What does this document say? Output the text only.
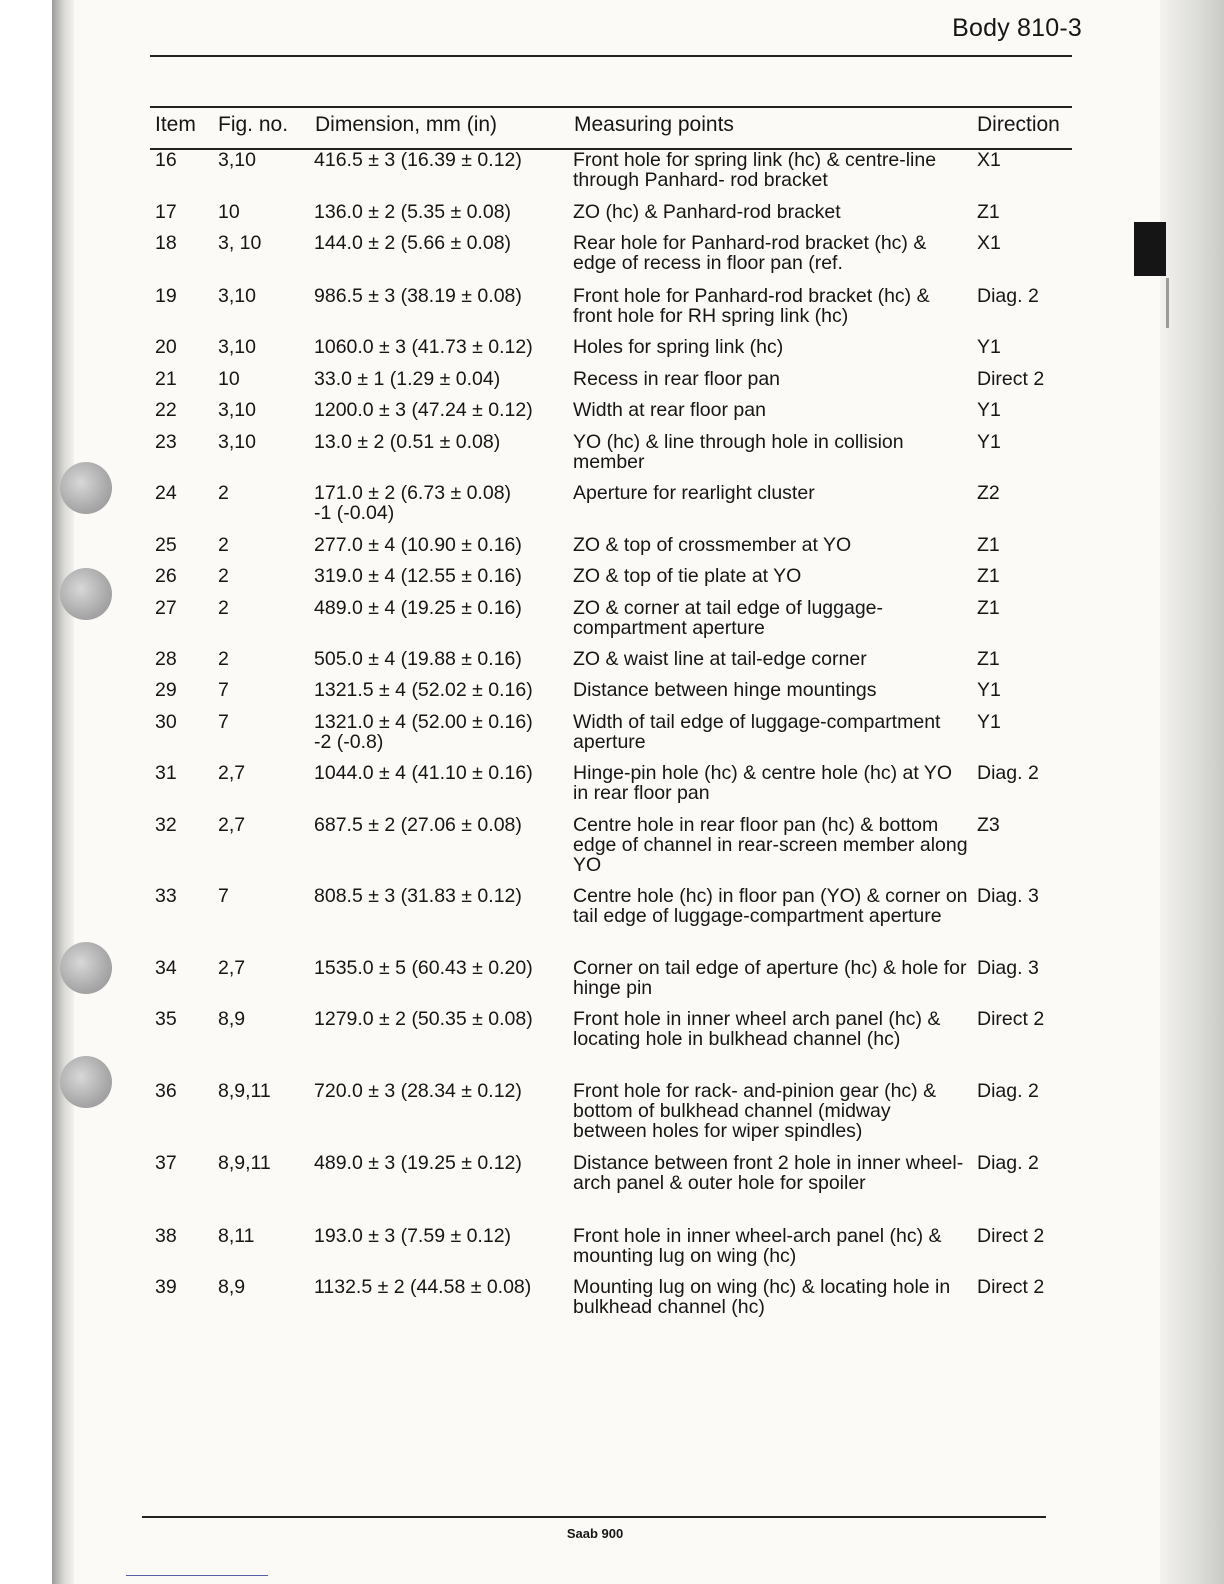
Body 810-3
Item Fig. no. Dimension, mm (in)	Measuring points	Direction
16 3,10	416.5 ± 3 (16.39 ± 0.12)	Front hole for spring link (hc) & centre-line through Panhard- rod bracket
X1
17 10	136.0 ± 2 (5.35 ± 0.08)	ZO (hc) & Panhard-rod bracket	Z1
18 3, 10	144.0 ± 2 (5.66 ± 0.08)	Rear hole for Panhard-rod bracket (hc) & edge of recess in floor pan (ref.
X1
19 3,10	986.5 ± 3 (38.19 ± 0.08)	Front hole for Panhard-rod bracket (hc) & front hole for RH spring link (hc)
Diag. 2
20 3,10	1060.0 ± 3 (41.73 ± 0.12) Holes for spring link (hc)	Y1
21 10	33.0 ± 1 (1.29 ± 0.04)	Recess in rear floor pan	Direct 2
22 3,10	1200.0 ± 3 (47.24 ± 0.12) Width at rear floor pan	Y1
23 3,10	13.0 ± 2 (0.51 ± 0.08)	YO (hc) & line through hole in collision member
Y1
24 2	171.0 ± 2 (6.73 ± 0.08)
-1 (-0.04)
Aperture for rearlight cluster	Z2
25 2	277.0 ± 4 (10.90 ± 0.16)	ZO & top of crossmember at YO	Z1
26 2	319.0 ± 4 (12.55 ± 0.16)	ZO & top of tie plate at YO	Z1
27 2	489.0 ± 4 (19.25 ± 0.16)	ZO & corner at tail edge of luggage-compartment aperture
Z1
28 2	505.0 ± 4 (19.88 ± 0.16)	ZO & waist line at tail-edge corner	Z1
29 7	1321.5 ± 4 (52.02 ± 0.16) Distance between hinge mountings	Y1
30 7	1321.0 ± 4 (52.00 ± 0.16)
-2 (-0.8)
Width of tail edge of luggage-compartment aperture
Y1
31 2,7	1044.0 ± 4 (41.10 ± 0.16) Hinge-pin hole (hc) & centre hole (hc) at YO in rear floor pan
Diag. 2
32 2,7	687.5 ± 2 (27.06 ± 0.08)	Centre hole in rear floor pan (hc) & bottom edge of channel in rear-screen member along YO
Z3
33 7	808.5 ± 3 (31.83 ± 0.12)	Centre hole (hc) in floor pan (YO) & corner on tail edge of luggage-compartment aperture
Diag. 3
34 2,7	1535.0 ± 5 (60.43 ± 0.20) Corner on tail edge of aperture (hc) & hole for hinge pin
Diag. 3
35 8,9	1279.0 ± 2 (50.35 ± 0.08) Front hole in inner wheel arch panel (hc) & locating hole in bulkhead channel (hc)
Direct 2
36 8,9,11 720.0 ± 3 (28.34 ± 0.12)	Front hole for rack- and-pinion gear (hc) & bottom of bulkhead channel (midway between holes for wiper spindles)
Diag. 2
37 8,9,11 489.0 ± 3 (19.25 ± 0.12)	Distance between front 2 hole in inner wheel- arch panel & outer hole for spoiler
Diag. 2
38 8,11	193.0 ± 3 (7.59 ± 0.12)	Front hole in inner wheel-arch panel (hc) & mounting lug on wing (hc)
Direct 2
39 8,9	1132.5 ± 2 (44.58 ± 0.08) Mounting lug on wing (hc) & locating hole in bulkhead channel (hc)
Direct 2
Saab 900
